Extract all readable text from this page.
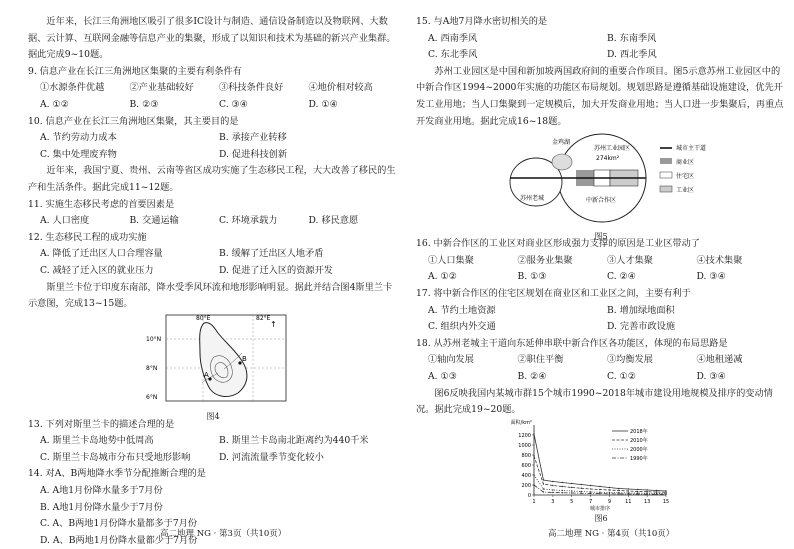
近年来，长江三角洲地区吸引了很多IC设计与制造、通信设备制造以及物联网、大数据、云计算、互联网金融等信息产业的集聚，形成了以知识和技术为基础的新兴产业集群。据此完成9~10题。

9. 信息产业在长江三角洲地区集聚的主要有利条件有

①水源条件优越	②产业基础较好	③科技条件良好	④地价相对较高
A. ①②	B. ②③	C. ③④	D. ①④

10. 信息产业在长江三角洲地区集聚，其主要目的是

A. 节约劳动力成本	B. 承接产业转移
C. 集中处理废弃物	D. 促进科技创新

近年来，我国宁夏、贵州、云南等省区成功实施了生态移民工程，大大改善了移民的生产和生活条件。据此完成11~12题。

11. 实施生态移民考虑的首要因素是

A. 人口密度	B. 交通运输	C. 环境承载力	D. 移民意愿

12. 生态移民工程的成功实施

A. 降低了迁出区人口合理容量	B. 缓解了迁出区人地矛盾
C. 减轻了迁入区的就业压力	D. 促进了迁入区的资源开发

斯里兰卡位于印度东南部，降水受季风环流和地形影响明显。据此并结合图4斯里兰卡示意图，完成13~15题。

A
B
10°N
8°N
6°N
80°E	82°E
↑
图4

13. 下列对斯里兰卡的描述合理的是

A. 斯里兰卡岛地势中低周高	B. 斯里兰卡岛南北距离约为440千米
C. 斯里兰卡岛城市分布只受地形影响	D. 河流流量季节变化较小

14. 对A、B两地降水季节分配推断合理的是

A. A地1月份降水量多于7月份

B. A地1月份降水量少于7月份

C. A、B两地1月份降水量都多于7月份

D. A、B两地1月份降水量都少于7月份

高二地理 NG · 第3页（共10页）

15. 与A地7月降水密切相关的是

A. 西南季风	B. 东南季风
C. 东北季风	D. 西北季风

苏州工业园区是中国和新加坡两国政府间的重要合作项目。图5示意苏州工业园区中的中新合作区1994~2000年实施的功能区布局规划。规划思路是遵循基础设施建设，优先开发工业用地；当人口集聚到一定规模后，加大开发商业用地；当人口进一步集聚后，再重点开发商业用地。据此完成16~18题。

金鸡湖
苏州老城
苏州工业园区
274km²
中新合作区
城市主干道
商业区
住宅区
工业区
图5

16. 中新合作区的工业区对商业区形成强力支撑的原因是工业区带动了

①人口集聚	②服务业集聚	③人才集聚	④技术集聚
A. ①②	B. ①③	C. ②④	D. ③④

17. 将中新合作区的住宅区规划在商业区和工业区之间，主要有利于

A. 节约土地资源	B. 增加绿地面积
C. 组织内外交通	D. 完善市政设施

18. 从苏州老城主干道向东延伸串联中新合作区各功能区，体现的布局思路是

①轴向发展	②职住平衡	③均衡发展	④地租递减
A. ①③	B. ②④	C. ①②	D. ③④

图6反映我国内某城市群15个城市1990~2018年城市建设用地规模及排序的变动情况。据此完成19~20题。

0
200
400
600
800
1000
1200
1	3	5	7	9	11 13 15
面积/km²
城市排序
2018年
2010年
2000年
1990年
图6
高二地理 NG · 第4页（共10页）
